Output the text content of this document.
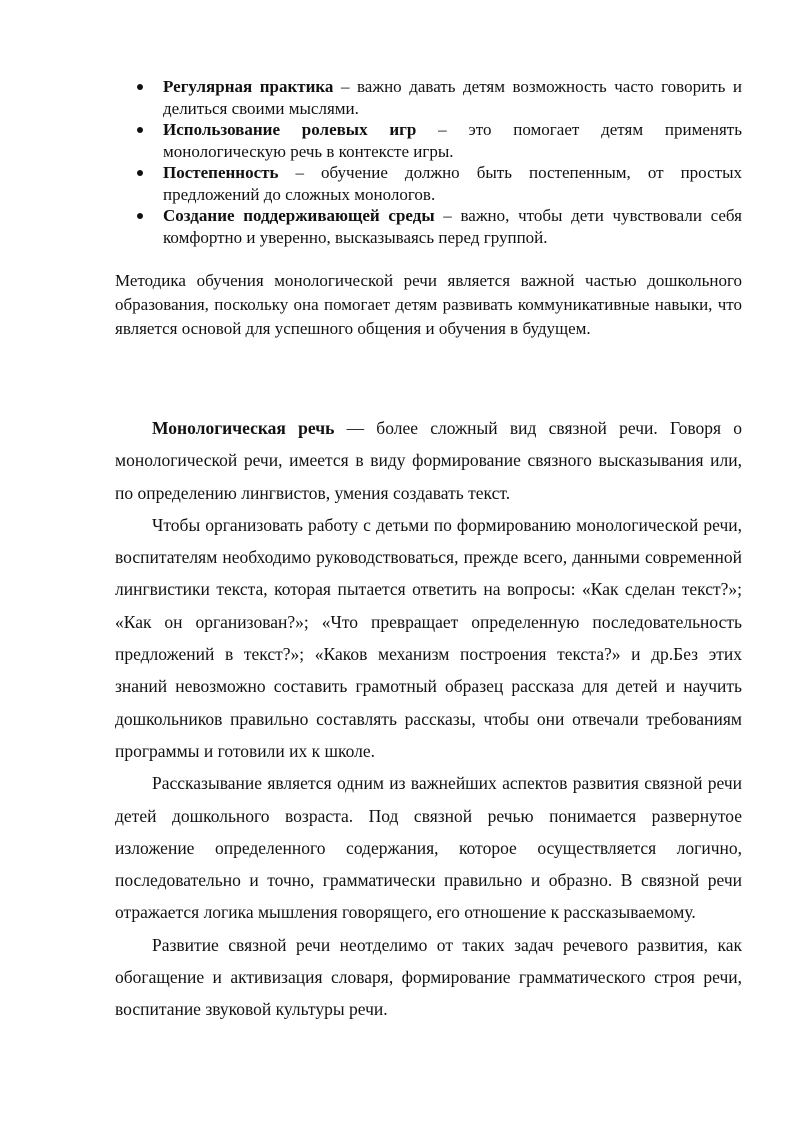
Регулярная практика – важно давать детям возможность часто говорить и делиться своими мыслями.
Использование ролевых игр – это помогает детям применять монологическую речь в контексте игры.
Постепенность – обучение должно быть постепенным, от простых предложений до сложных монологов.
Создание поддерживающей среды – важно, чтобы дети чувствовали себя комфортно и уверенно, высказываясь перед группой.

Методика обучения монологической речи является важной частью дошкольного образования, поскольку она помогает детям развивать коммуникативные навыки, что является основой для успешного общения и обучения в будущем.

Монологическая речь — более сложный вид связной речи. Говоря о монологической речи, имеется в виду формирование связного высказывания или, по определению лингвистов, умения создавать текст.

Чтобы организовать работу с детьми по формированию монологической речи, воспитателям необходимо руководствоваться, прежде всего, данными современной лингвистики текста, которая пытается ответить на вопросы: «Как сделан текст?»; «Как он организован?»; «Что превращает определенную последовательность предложений в текст?»; «Каков механизм построения текста?» и др.Без этих знаний невозможно составить грамотный образец рассказа для детей и научить дошкольников правильно составлять рассказы, чтобы они отвечали требованиям программы и готовили их к школе.

Рассказывание является одним из важнейших аспектов развития связной речи детей дошкольного возраста. Под связной речью понимается развернутое изложение определенного содержания, которое осуществляется логично, последовательно и точно, грамматически правильно и образно. В связной речи отражается логика мышления говорящего, его отношение к рассказываемому.

Развитие связной речи неотделимо от таких задач речевого развития, как обогащение и активизация словаря, формирование грамматического строя речи, воспитание звуковой культуры речи.
